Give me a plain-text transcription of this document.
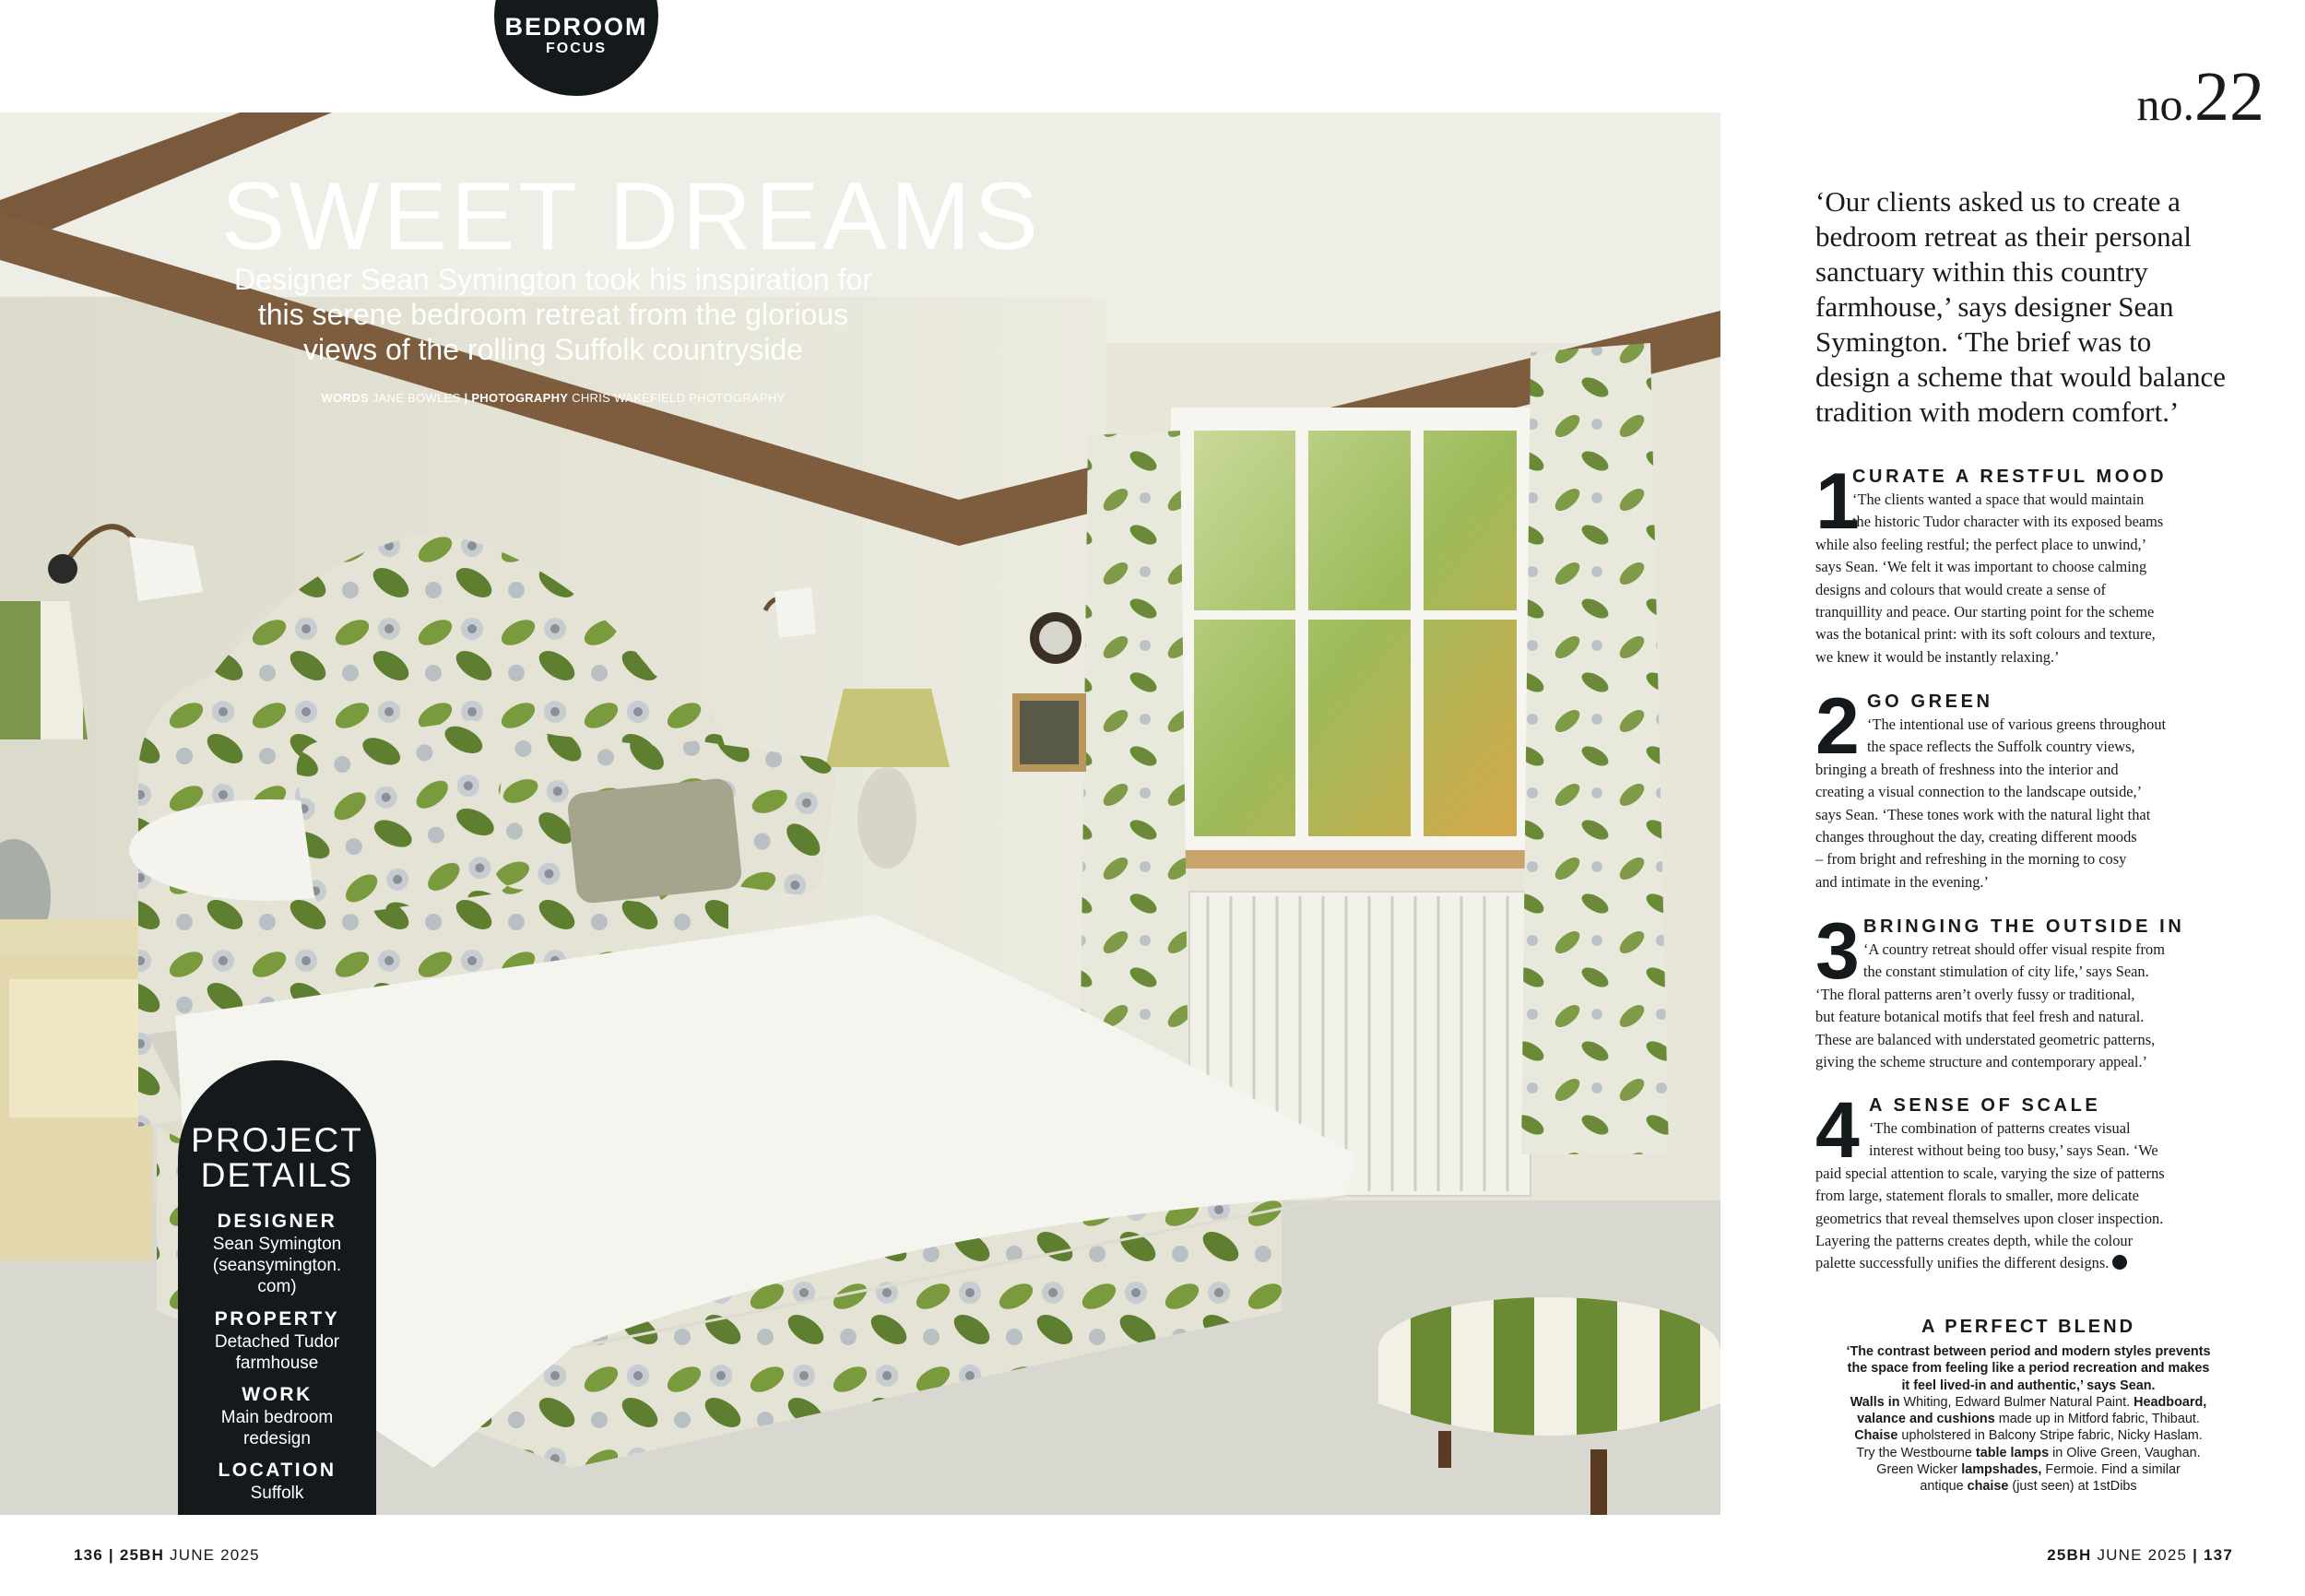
BEDROOM
FOCUS
no.22
SWEET DREAMS
Designer Sean Symington took his inspiration for
this serene bedroom retreat from the glorious
views of the rolling Suffolk countryside
WORDS JANE BOWLES | PHOTOGRAPHY CHRIS WAKEFIELD PHOTOGRAPHY
PROJECT
DETAILS
DESIGNER
Sean Symington
(seansymington.
com)
PROPERTY
Detached Tudor
farmhouse
WORK
Main bedroom
redesign
LOCATION
Suffolk
‘Our clients asked us to create a
bedroom retreat as their personal
sanctuary within this country
farmhouse,’ says designer Sean
Symington. ‘The brief was to
design a scheme that would balance
tradition with modern comfort.’
1
CURATE A RESTFUL MOOD
‘The clients wanted a space that would maintain
the historic Tudor character with its exposed beams
while also feeling restful; the perfect place to unwind,’
says Sean. ‘We felt it was important to choose calming
designs and colours that would create a sense of
tranquillity and peace. Our starting point for the scheme
was the botanical print: with its soft colours and texture,
we knew it would be instantly relaxing.’
2 GO GREEN
‘The intentional use of various greens throughout
the space reflects the Suffolk country views,
bringing a breath of freshness into the interior and
creating a visual connection to the landscape outside,’
says Sean. ‘These tones work with the natural light that
changes throughout the day, creating different moods
– from bright and refreshing in the morning to cosy
and intimate in the evening.’
3 BRINGING THE OUTSIDE IN
‘A country retreat should offer visual respite from
the constant stimulation of city life,’ says Sean.
‘The floral patterns aren’t overly fussy or traditional,
but feature botanical motifs that feel fresh and natural.
These are balanced with understated geometric patterns,
giving the scheme structure and contemporary appeal.’
4 A SENSE OF SCALE
‘The combination of patterns creates visual
interest without being too busy,’ says Sean. ‘We
paid special attention to scale, varying the size of patterns
from large, statement florals to smaller, more delicate
geometrics that reveal themselves upon closer inspection.
Layering the patterns creates depth, while the colour
palette successfully unifies the different designs.
A PERFECT BLEND
‘The contrast between period and modern styles prevents
the space from feeling like a period recreation and makes
it feel lived-in and authentic,’ says Sean.
Walls in Whiting, Edward Bulmer Natural Paint. Headboard,
valance and cushions made up in Mitford fabric, Thibaut.
Chaise upholstered in Balcony Stripe fabric, Nicky Haslam.
Try the Westbourne table lamps in Olive Green, Vaughan.
Green Wicker lampshades, Fermoie. Find a similar
antique chaise (just seen) at 1stDibs
136 | 25BH JUNE 2025	25BH JUNE 2025 | 137
